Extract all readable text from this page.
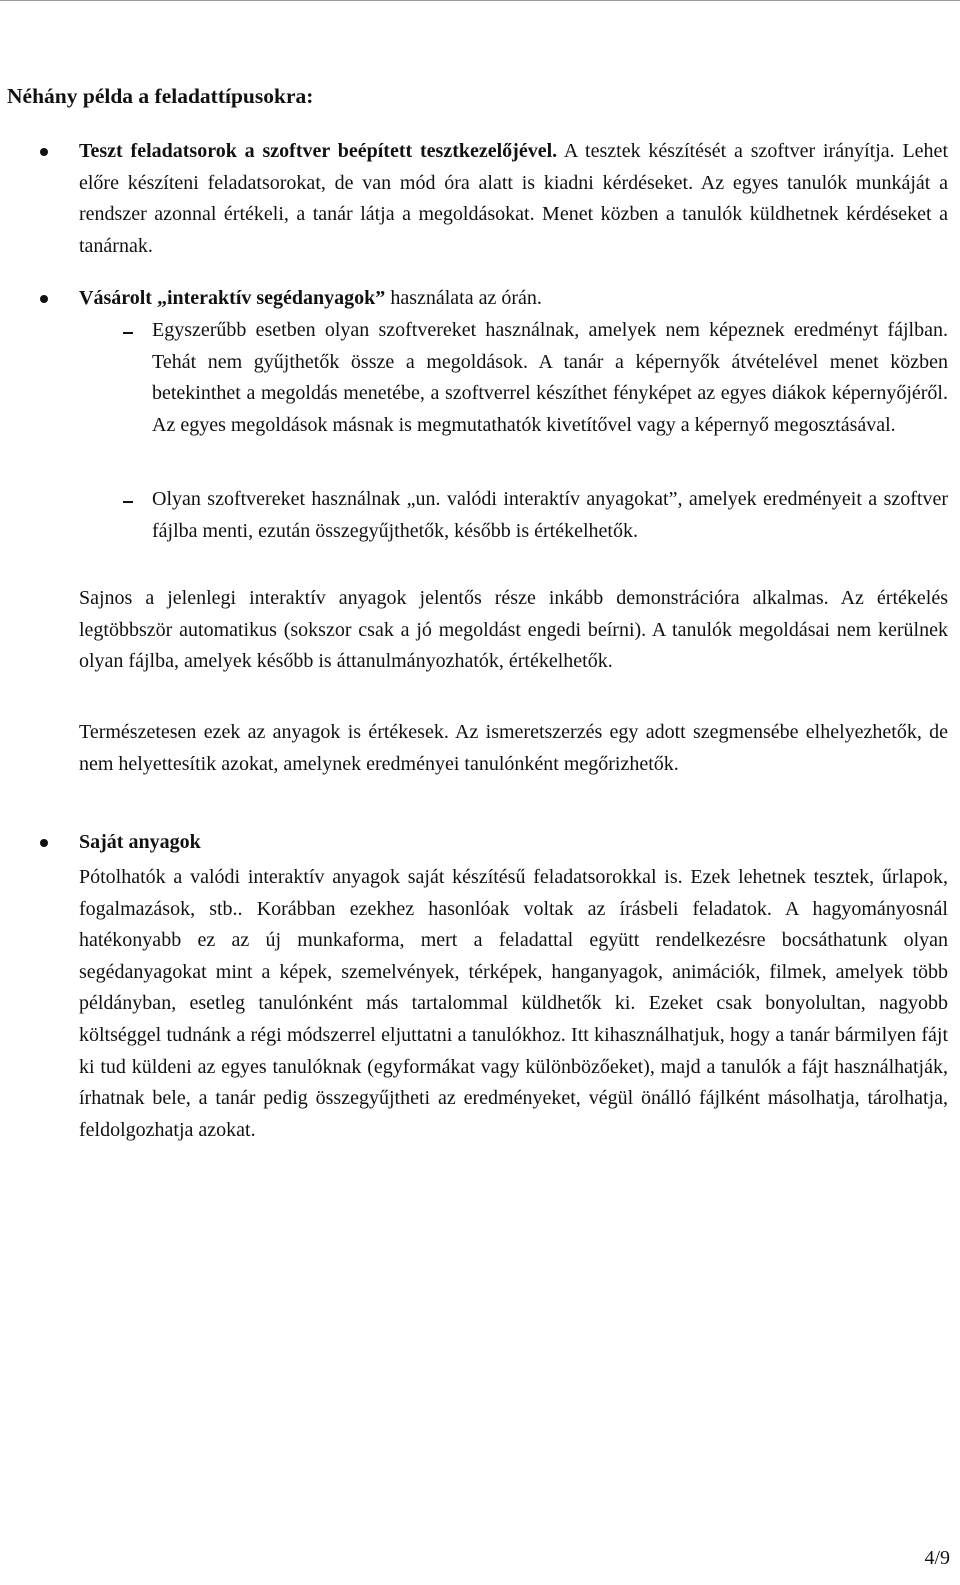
Néhány példa a feladattípusokra:

Teszt feladatsorok a szoftver beépített tesztkezelőjével. A tesztek készítését a szoftver irányítja. Lehet előre készíteni feladatsorokat, de van mód óra alatt is kiadni kérdéseket. Az egyes tanulók munkáját a rendszer azonnal értékeli, a tanár látja a megoldásokat. Menet közben a tanulók küldhetnek kérdéseket a tanárnak.

Vásárolt „interaktív segédanyagok” használata az órán.

Egyszerűbb esetben olyan szoftvereket használnak, amelyek nem képeznek eredményt fájlban. Tehát nem gyűjthetők össze a megoldások. A tanár a képernyők átvételével menet közben betekinthet a megoldás menetébe, a szoftverrel készíthet fényképet az egyes diákok képernyőjéről. Az egyes megoldások másnak is megmutathatók kivetítővel vagy a képernyő megosztásával.

Olyan szoftvereket használnak „un. valódi interaktív anyagokat”, amelyek eredményeit a szoftver fájlba menti, ezután összegyűjthetők, később is értékelhetők.

Sajnos a jelenlegi interaktív anyagok jelentős része inkább demonstrációra alkalmas. Az értékelés legtöbbször automatikus (sokszor csak a jó megoldást engedi beírni). A tanulók megoldásai nem kerülnek olyan fájlba, amelyek később is áttanulmányozhatók, értékelhetők.

Természetesen ezek az anyagok is értékesek. Az ismeretszerzés egy adott szegmensébe elhelyezhetők, de nem helyettesítik azokat, amelynek eredményei tanulónként megőrizhetők.

Saját anyagok

Pótolhatók a valódi interaktív anyagok saját készítésű feladatsorokkal is. Ezek lehetnek tesztek, űrlapok, fogalmazások, stb.. Korábban ezekhez hasonlóak voltak az írásbeli feladatok. A hagyományosnál hatékonyabb ez az új munkaforma, mert a feladattal együtt rendelkezésre bocsáthatunk olyan segédanyagokat mint a képek, szemelvények, térképek, hanganyagok, animációk, filmek, amelyek több példányban, esetleg tanulónként más tartalommal küldhetők ki. Ezeket csak bonyolultan, nagyobb költséggel tudnánk a régi módszerrel eljuttatni a tanulókhoz. Itt kihasználhatjuk, hogy a tanár bármilyen fájt ki tud küldeni az egyes tanulóknak (egyformákat vagy különbözőeket), majd a tanulók a fájt használhatják, írhatnak bele, a tanár pedig összegyűjtheti az eredményeket, végül önálló fájlként másolhatja, tárolhatja, feldolgozhatja azokat.

4/9
